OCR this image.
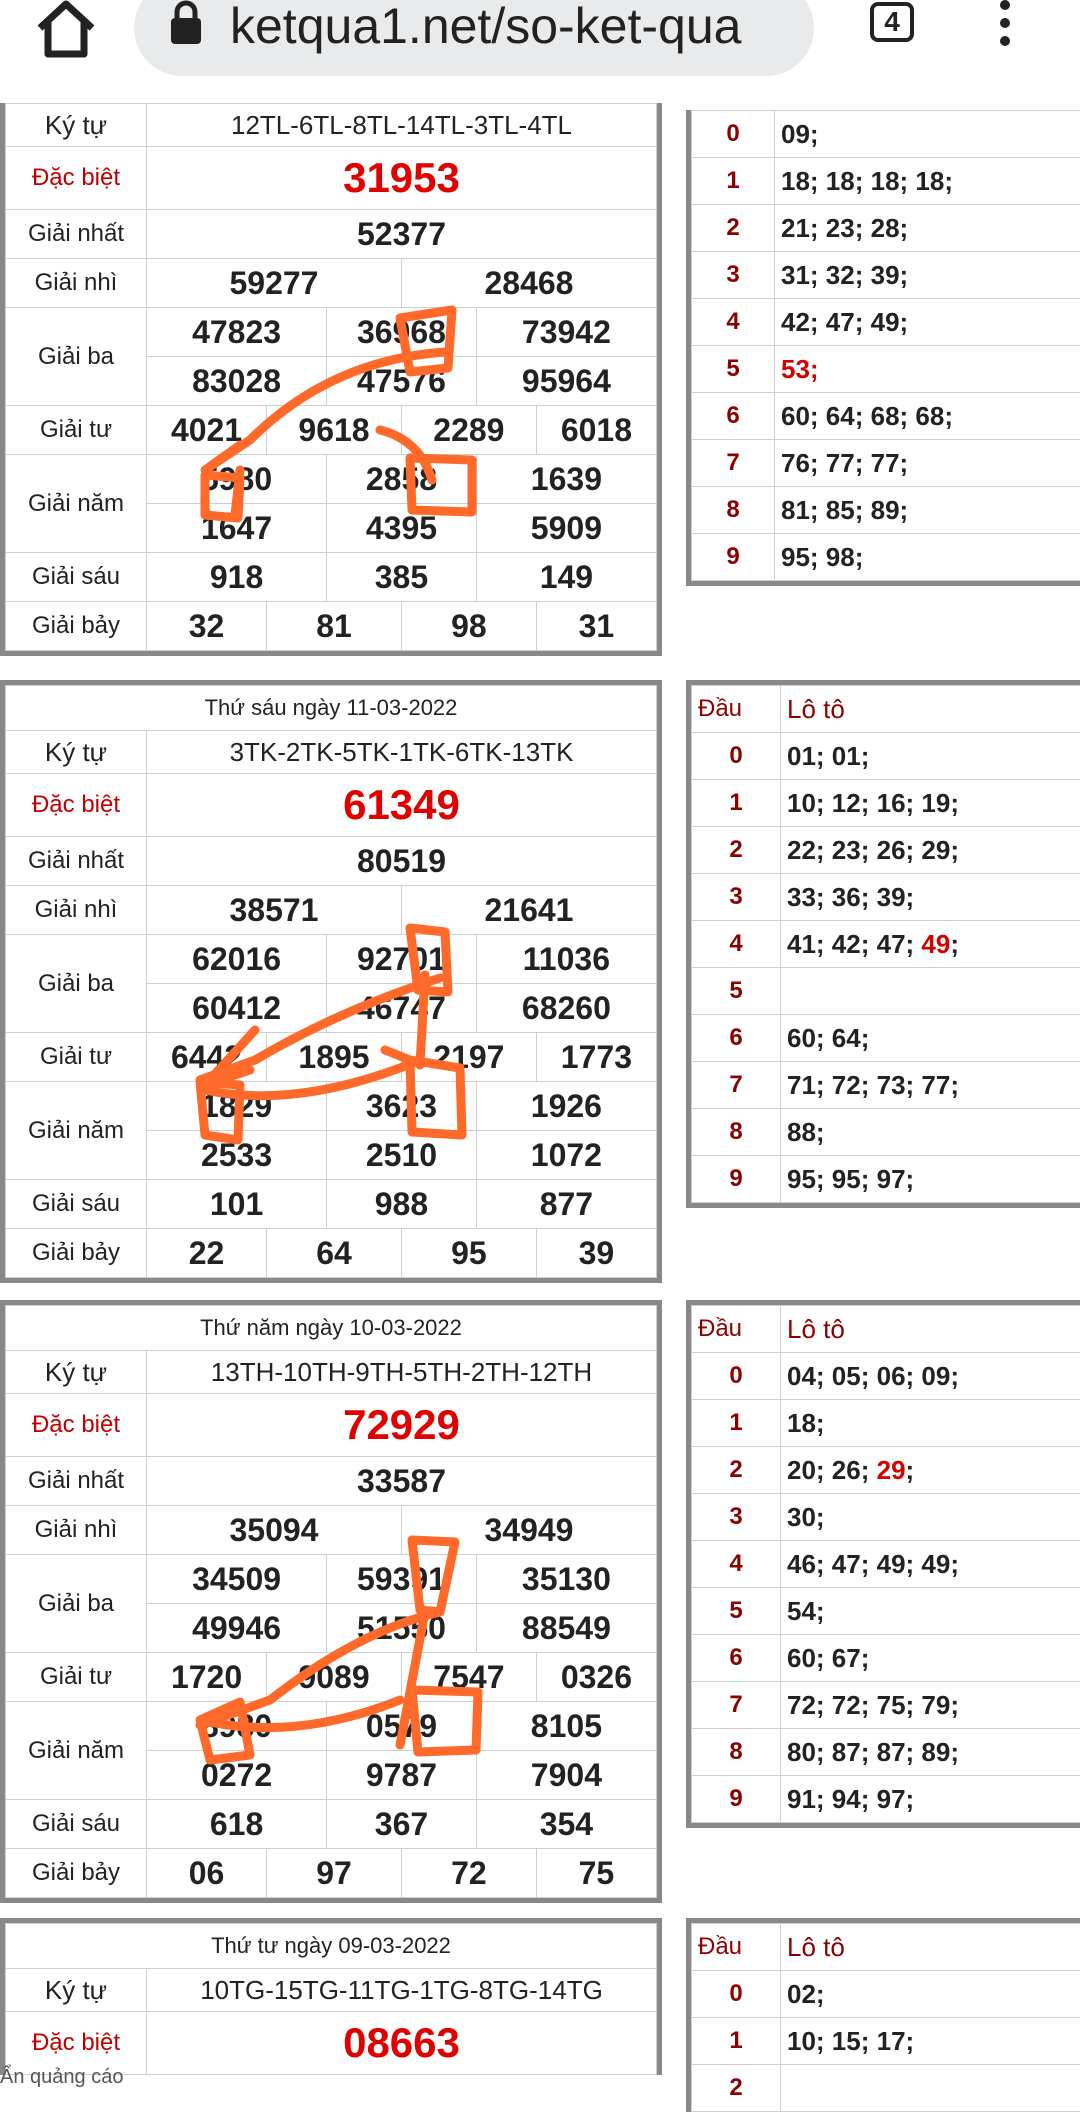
ketqua1.net/so-ket-qua	4
Ký tự	12TL-6TL-8TL-14TL-3TL-4TL					
Đặc biệt	31953					
Giải nhất	52377					
Giải nhì	59277			28468		
Giải ba	47823		36968		73942	
	83028		47576		95964	
Giải tư	4021	9618		2289		6018
Giải năm	5980		2858		1639	
	1647		4395		5909	
Giải sáu	918		385		149	
Giải bảy	32	81		98		31
0	09;
1	18; 18; 18; 18;
2	21; 23; 28;
3	31; 32; 39;
4	42; 47; 49;
5	53;
6	60; 64; 68; 68;
7	76; 77; 77;
8	81; 85; 89;
9	95; 98;
Thứ sáu ngày 11-03-2022						
Ký tự	3TK-2TK-5TK-1TK-6TK-13TK					
Đặc biệt	61349					
Giải nhất	80519					
Giải nhì	38571			21641		
Giải ba	62016		92701		11036	
	60412		46747		68260	
Giải tư	6442	1895		2197		1773
Giải năm	1829		3623		1926	
	2533		2510		1072	
Giải sáu	101		988		877	
Giải bảy	22	64		95		39
Đầu	Lô tô
0	01; 01;
1	10; 12; 16; 19;
2	22; 23; 26; 29;
3	33; 36; 39;
4	41; 42; 47; 49;
5	
6	60; 64;
7	71; 72; 73; 77;
8	88;
9	95; 95; 97;
Thứ năm ngày 10-03-2022						
Ký tự	13TH-10TH-9TH-5TH-2TH-12TH					
Đặc biệt	72929					
Giải nhất	33587					
Giải nhì	35094			34949		
Giải ba	34509		59391		35130	
	49946		51550		88549	
Giải tư	1720	9089		7547		0326
Giải năm	8980		0579		8105	
	0272		9787		7904	
Giải sáu	618		367		354	
Giải bảy	06	97		72		75
Đầu	Lô tô
0	04; 05; 06; 09;
1	18;
2	20; 26; 29;
3	30;
4	46; 47; 49; 49;
5	54;
6	60; 67;
7	72; 72; 75; 79;
8	80; 87; 87; 89;
9	91; 94; 97;
Thứ tư ngày 09-03-2022	
Ký tự	10TG-15TG-11TG-1TG-8TG-14TG
Đặc biệt	08663
Đầu	Lô tô
0	02;
1	10; 15; 17;
2	
Ẩn quảng cáo
